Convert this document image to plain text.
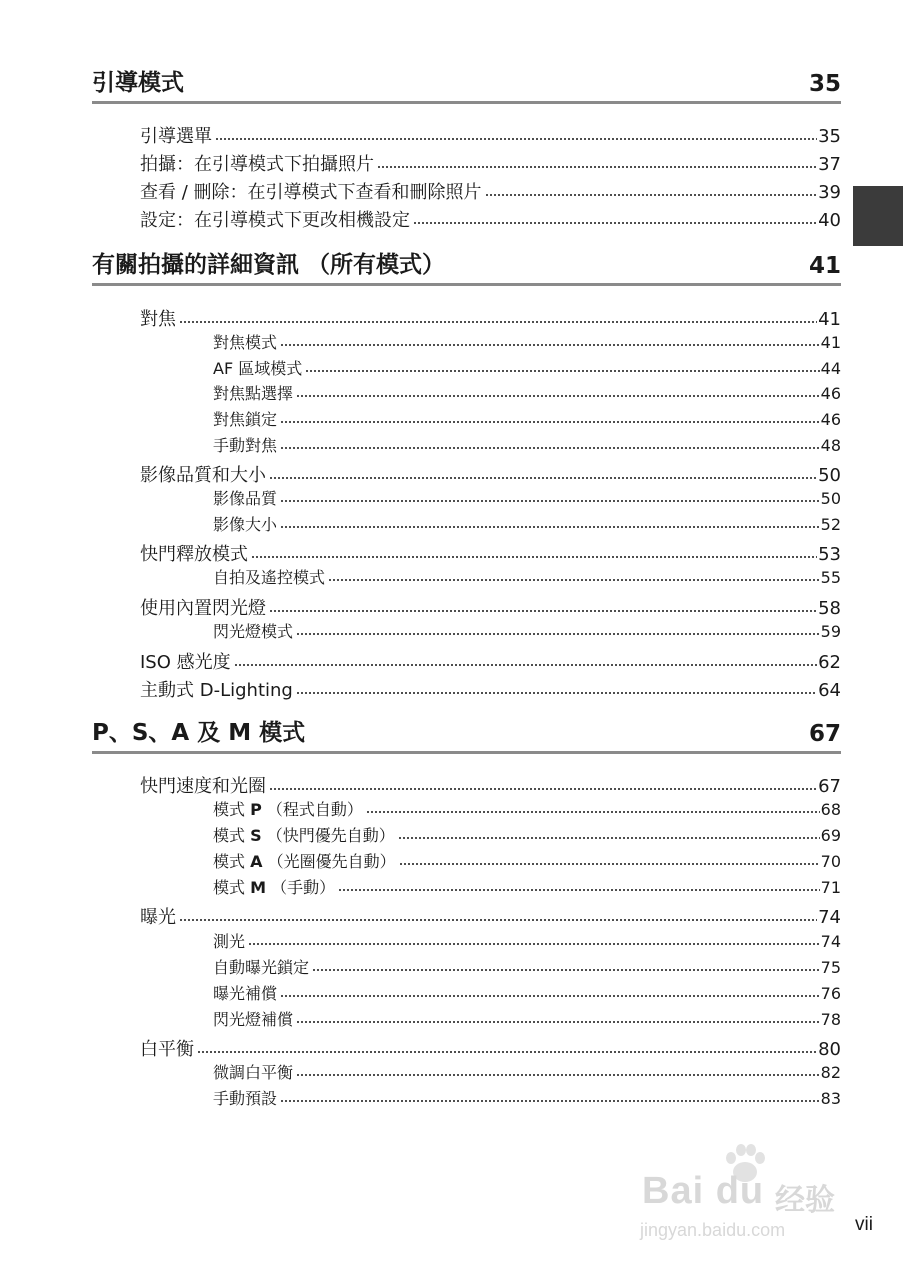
引導模式	35
引導選單	35
拍攝：在引導模式下拍攝照片	37
查看 / 刪除：在引導模式下查看和刪除照片	39
設定：在引導模式下更改相機設定	40
有關拍攝的詳細資訊 （所有模式）	41
對焦	41
對焦模式	41
AF 區域模式	44
對焦點選擇	46
對焦鎖定	46
手動對焦	48
影像品質和大小	50
影像品質	50
影像大小	52
快門釋放模式	53
自拍及遙控模式	55
使用內置閃光燈	58
閃光燈模式	59
ISO 感光度	62
主動式 D-Lighting	64
P、S、A 及 M 模式	67
快門速度和光圈	67
模式 P （程式自動）	68
模式 S （快門優先自動）	69
模式 A （光圈優先自動）	70
模式 M （手動）	71
曝光	74
測光	74
自動曝光鎖定	75
曝光補償	76
閃光燈補償	78
白平衡	80
微調白平衡	82
手動預設	83
Bai du 经验
jingyan.baidu.com	vii
